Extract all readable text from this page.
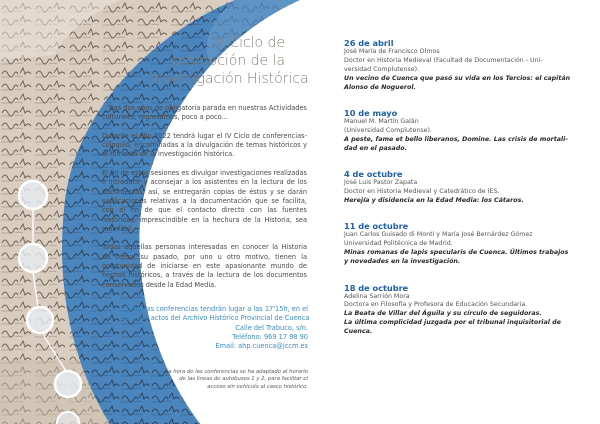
IV Ciclo de
promoción de la
Investigación Histórica

Tras dos años de obligatoria parada en nuestras Actividades culturales, regresamos, poco a poco...

Durante el año 2022 tendrá lugar el IV Ciclo de conferencias-coloquio, encaminadas a la divulgación de temas históricos y el fomento de la investigación histórica.

El fin de estas sesiones es divulgar investigaciones realizadas e introducir y aconsejar a los asistentes en la lectura de los documentos; así, se entregarán copias de éstos y se darán explicaciones relativas a la documentación que se facilita, con el fin de que el contacto directo con las fuentes históricas, imprescindible en la hechura de la Historia, sea más fácil.

Todas aquellas personas interesadas en conocer la Historia de cerca, su pasado, por uno u otro motivo, tienen la oportunidad de iniciarse en este apasionante mundo de hechos históricos, a través de la lectura de los documentos conservados desde la Edad Media.

Todas las conferencias tendrán lugar a las 17'15h, en el
Salón de actos del Archivo Histórico Provincial de Cuenca
Calle del Trabuco, s/n.
Teléfono: 969 17 98 90
Email: ahp.cuenca@jccm.es
La hora de las conferencias se ha adaptado al horario
de las líneas de autobuses 1 y 2, para facilitar el
acceso sin vehículo al casco histórico.
26 de abril
José María de Francisco Olmos
Doctor en Historia Medieval (Facultad de Documentación - Uni-
versidad Complutense).
Un vecino de Cuenca que pasó su vida en los Tercios: el capitán
Alonso de Noguerol.
10 de mayo
Manuel M. Martín Galán
(Universidad Complutense).
A peste, fame et bello liberanos, Domine. Las crisis de mortali-
dad en el pasado.
4 de octubre
José Luis Pastor Zapata
Doctor en Historia Medieval y Catedrático de IES.
Herejía y disidencia en la Edad Media: los Cátaros.
11 de octubre
Juan Carlos Guisado di Monti y María José Bernárdez Gómez
Universidad Politécnica de Madrid.
Minas romanas de lapis specularis de Cuenca. Últimos trabajos
y novedades en la investigación.
18 de octubre
Adelina Sarrión Mora
Doctora en Filosofía y Profesora de Educación Secundaria.
La Beata de Villar del Águila y su círculo de seguidoras.
La última complicidad juzgada por el tribunal inquisitorial de
Cuenca.
